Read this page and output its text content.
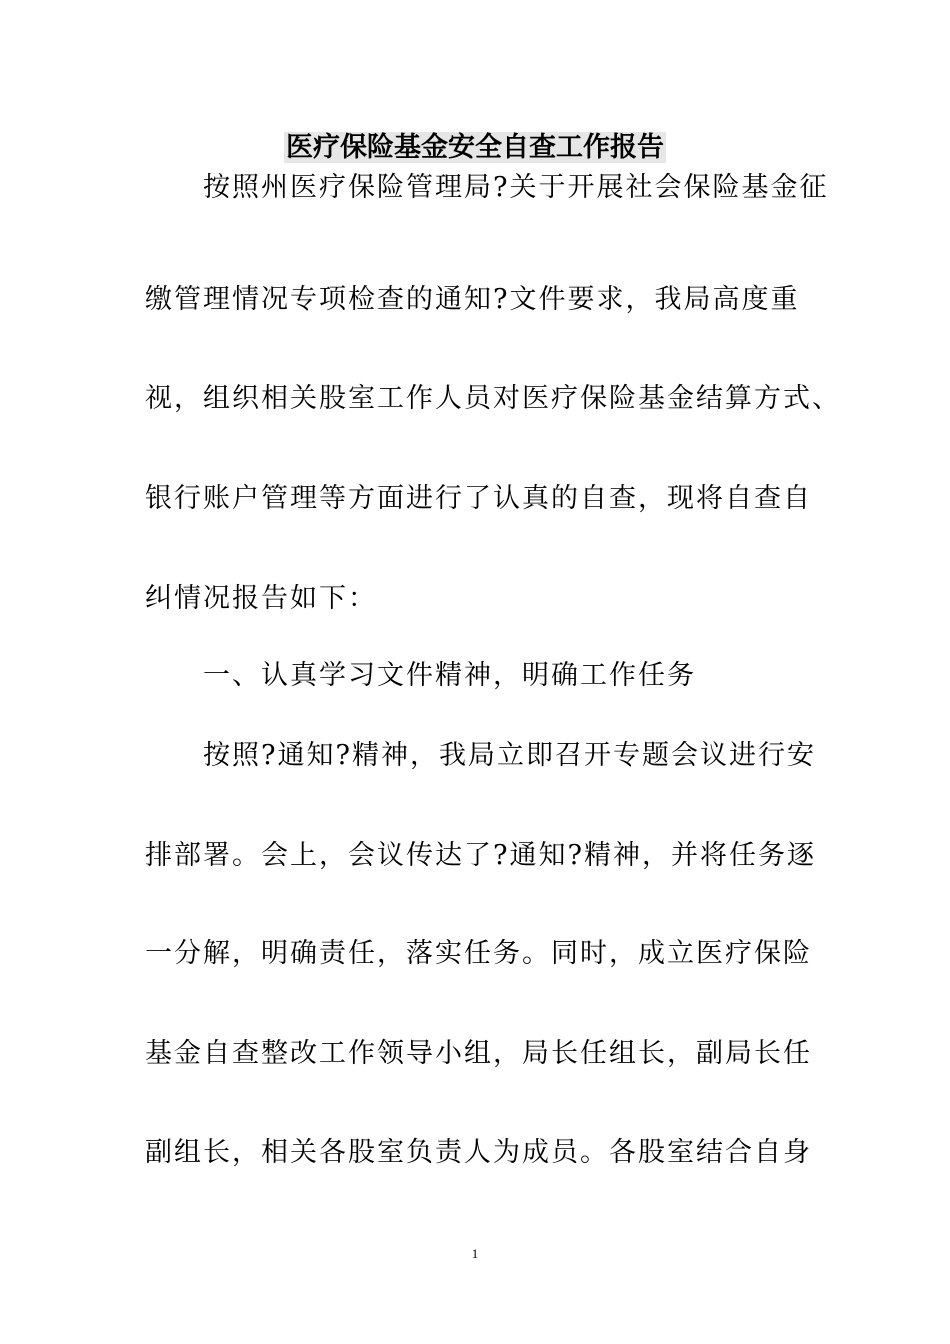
医疗保险基金安全自查工作报告

　　按照州医疗保险管理局?关于开展社会保险基金征

缴管理情况专项检查的通知?文件要求，我局高度重

视，组织相关股室工作人员对医疗保险基金结算方式、

银行账户管理等方面进行了认真的自查，现将自查自

纠情况报告如下：

　　一、认真学习文件精神，明确工作任务

　　按照?通知?精神，我局立即召开专题会议进行安

排部署。会上，会议传达了?通知?精神，并将任务逐

一分解，明确责任，落实任务。同时，成立医疗保险

基金自查整改工作领导小组，局长任组长，副局长任

副组长，相关各股室负责人为成员。各股室结合自身

1
